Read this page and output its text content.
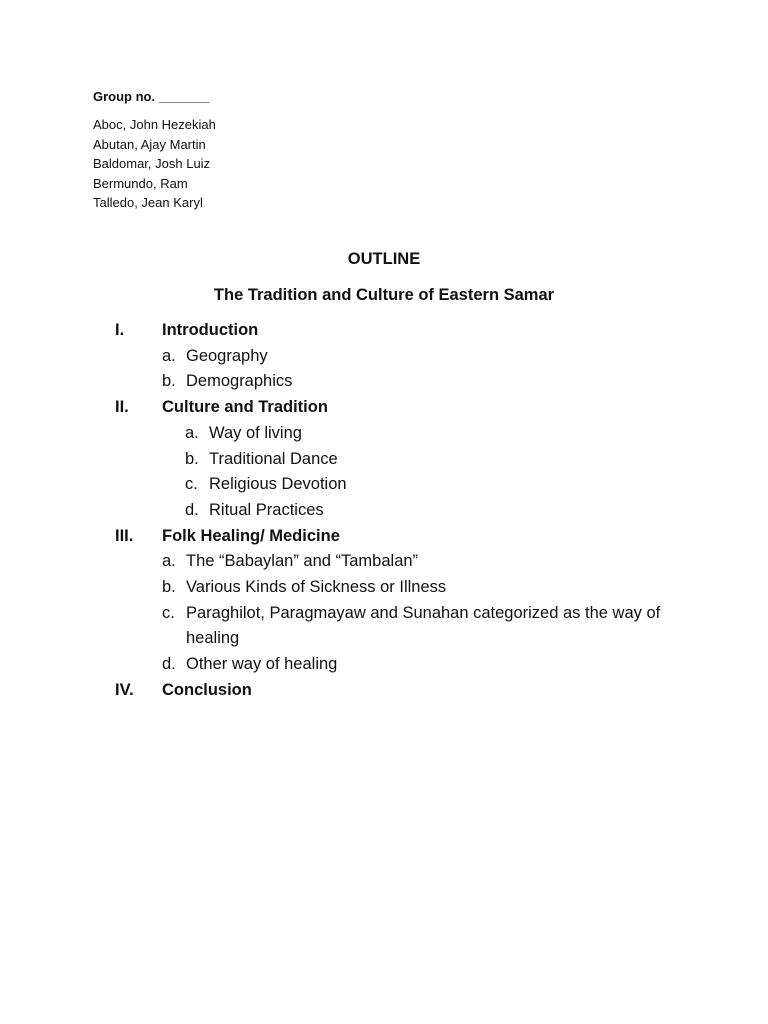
Group no. _______
Aboc, John Hezekiah
Abutan, Ajay Martin
Baldomar, Josh Luiz
Bermundo, Ram
Talledo, Jean Karyl
OUTLINE
The Tradition and Culture of Eastern Samar
I.	Introduction
a. Geography
b. Demographics
II.	Culture and Tradition
a. Way of living
b. Traditional Dance
c. Religious Devotion
d. Ritual Practices
III.	Folk Healing/ Medicine
a. The “Babaylan” and “Tambalan”
b. Various Kinds of Sickness or Illness
c. Paraghilot, Paragmayaw and Sunahan categorized as the way of healing
d. Other way of healing
IV.	Conclusion
